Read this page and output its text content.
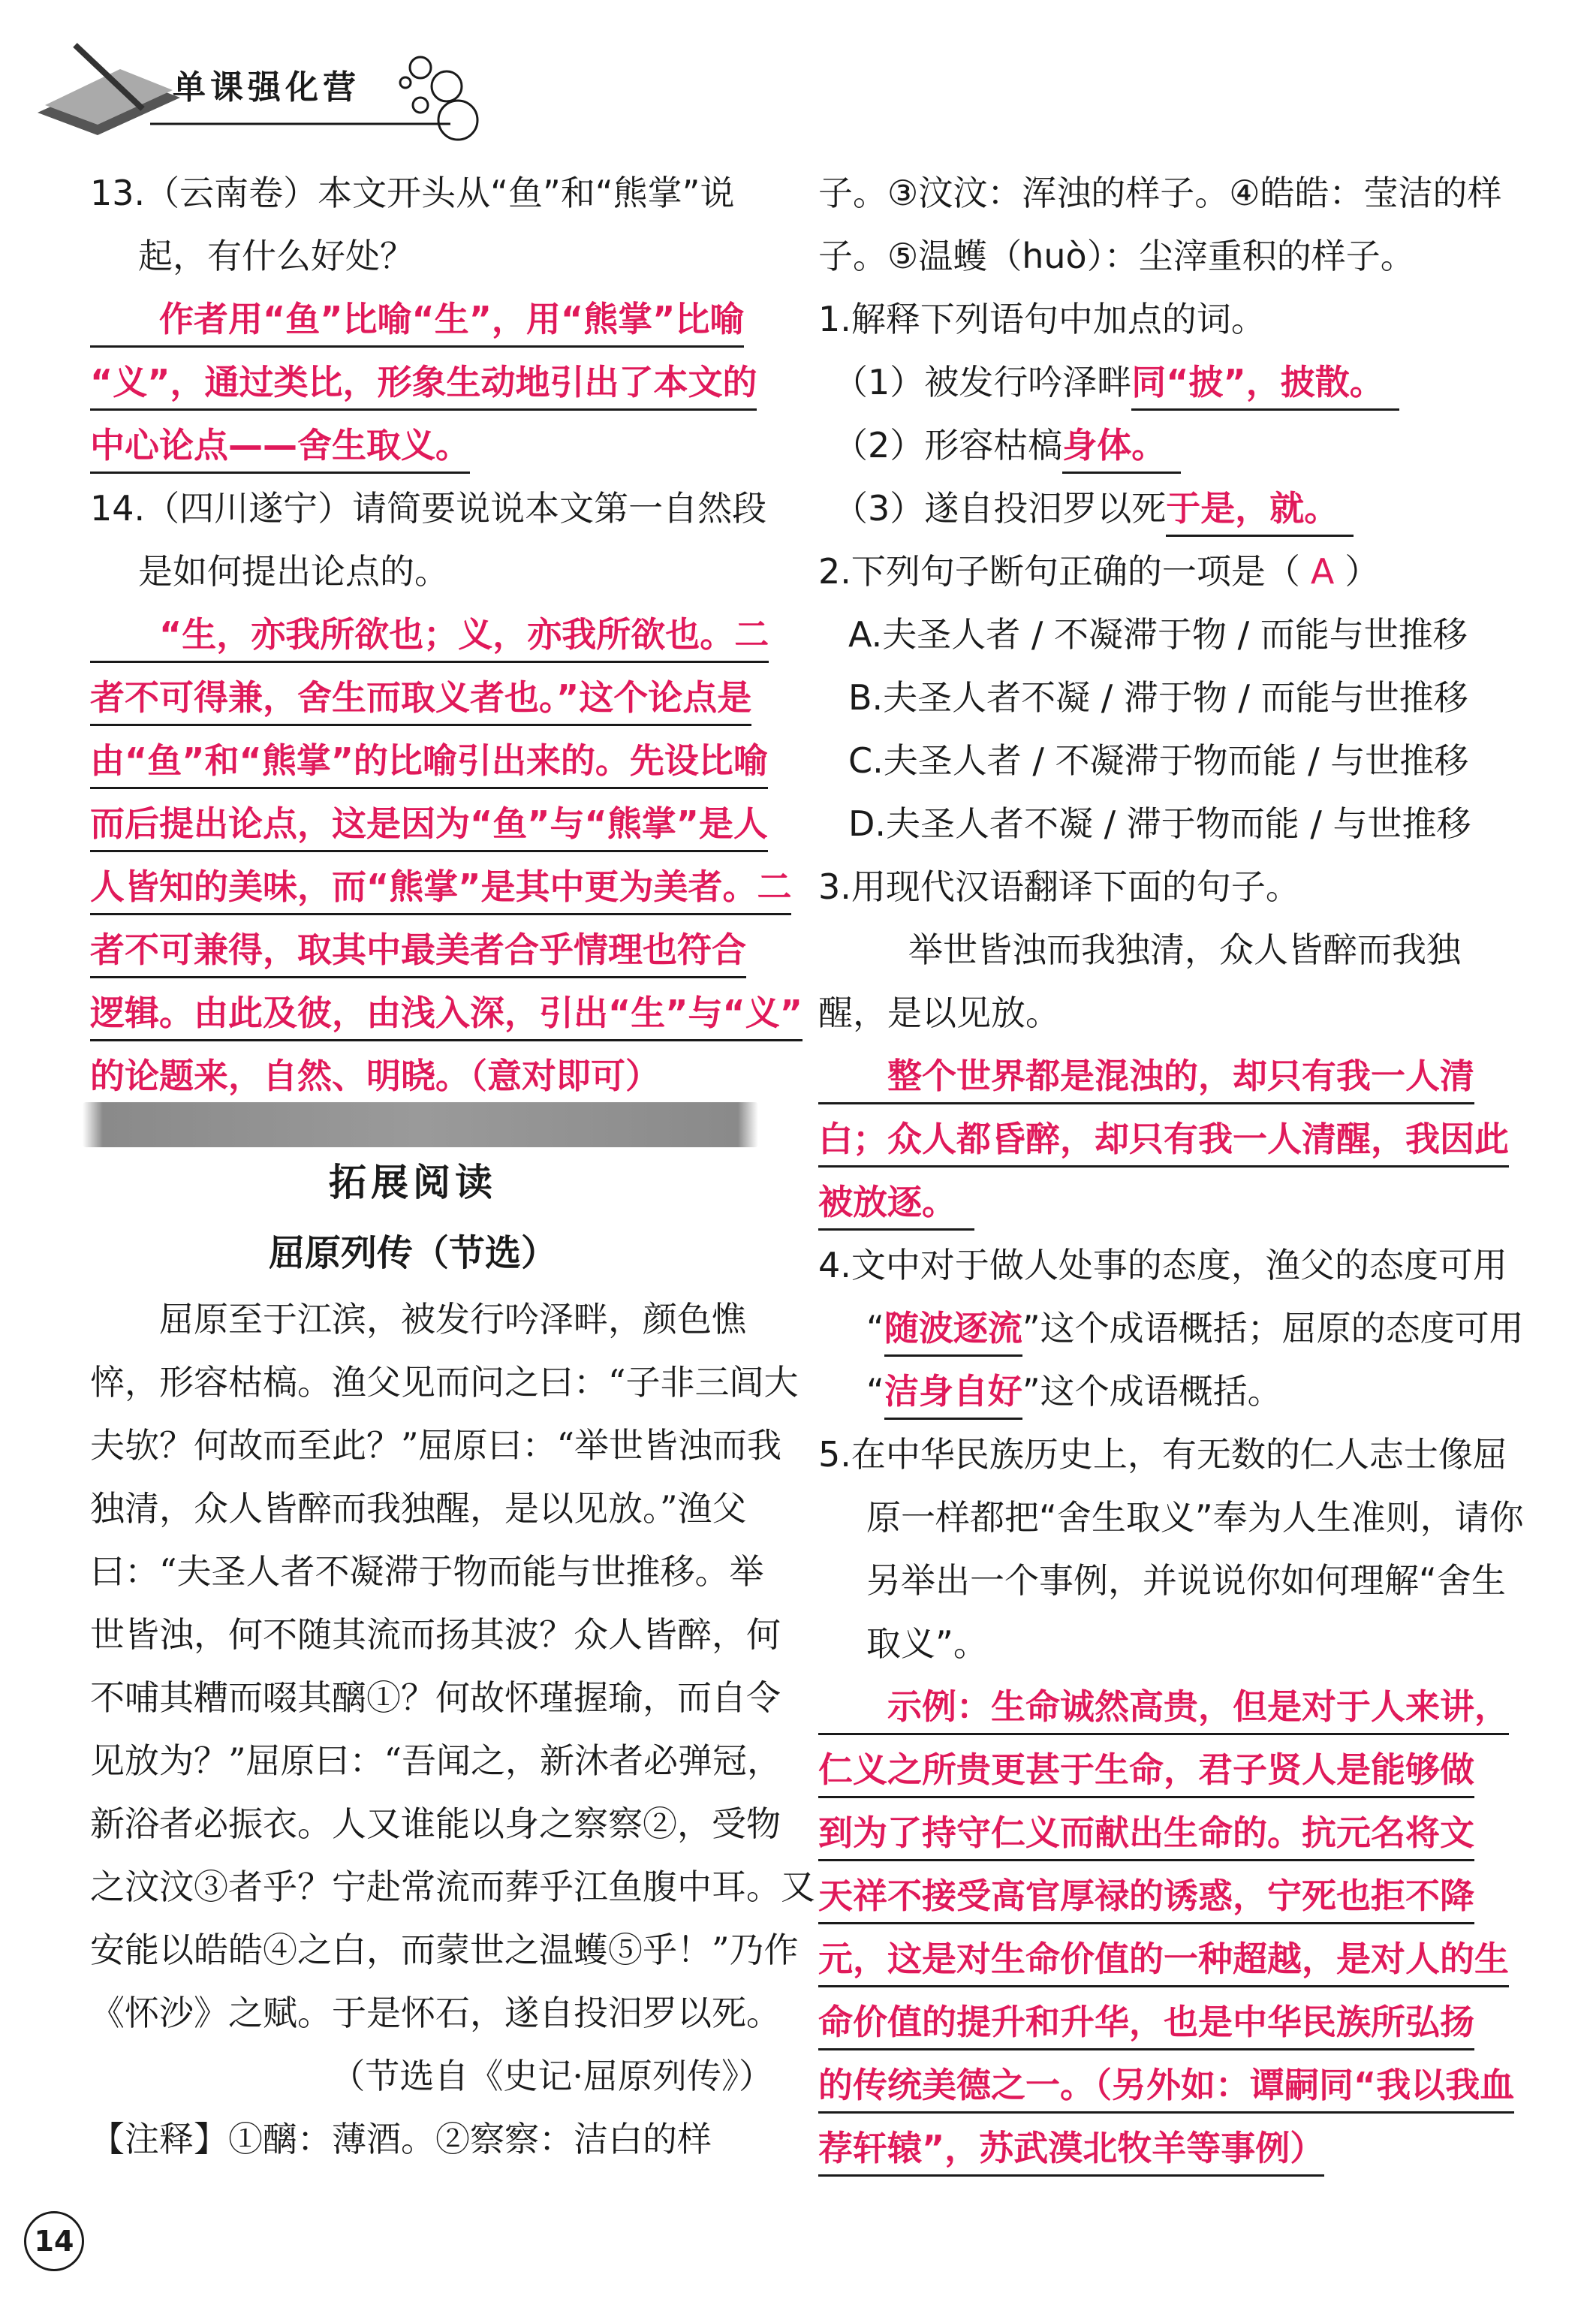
单课强化营
13.（云南卷）本文开头从“鱼”和“熊掌”说
起，有什么好处？
作者用“鱼”比喻“生”，用“熊掌”比喻
“义”，通过类比，形象生动地引出了本文的
中心论点——舍生取义。
14.（四川遂宁）请简要说说本文第一自然段
是如何提出论点的。
“生，亦我所欲也；义，亦我所欲也。二
者不可得兼，舍生而取义者也。”这个论点是
由“鱼”和“熊掌”的比喻引出来的。先设比喻
而后提出论点，这是因为“鱼”与“熊掌”是人
人皆知的美味，而“熊掌”是其中更为美者。二
者不可兼得，取其中最美者合乎情理也符合
逻辑。由此及彼，由浅入深，引出“生”与“义”
的论题来，自然、明晓。（意对即可）
拓展阅读
屈原列传（节选）
屈原至于江滨，被发行吟泽畔，颜色憔
悴，形容枯槁。渔父见而问之曰：“子非三闾大
夫欤？何故而至此？”屈原曰：“举世皆浊而我
独清，众人皆醉而我独醒，是以见放。”渔父
曰：“夫圣人者不凝滞于物而能与世推移。举
世皆浊，何不随其流而扬其波？众人皆醉，何
不哺其糟而啜其醨①？何故怀瑾握瑜，而自令
见放为？”屈原曰：“吾闻之，新沐者必弹冠，
新浴者必振衣。人又谁能以身之察察②，受物
之汶汶③者乎？宁赴常流而葬乎江鱼腹中耳。又
安能以皓皓④之白，而蒙世之温蠖⑤乎！”乃作
《怀沙》之赋。于是怀石，遂自投汨罗以死。
（节选自《史记·屈原列传》）
【注释】①醨：薄酒。②察察：洁白的样
子。③汶汶：浑浊的样子。④皓皓：莹洁的样
子。⑤温蠖（huò）：尘滓重积的样子。
1.解释下列语句中加点的词。
（1）被发行吟泽畔同“披”，披散。
（2）形容枯槁身体。
（3）遂自投汨罗以死于是，就。
2.下列句子断句正确的一项是（ A ）
A.夫圣人者 / 不凝滞于物 / 而能与世推移
B.夫圣人者不凝 / 滞于物 / 而能与世推移
C.夫圣人者 / 不凝滞于物而能 / 与世推移
D.夫圣人者不凝 / 滞于物而能 / 与世推移
3.用现代汉语翻译下面的句子。
举世皆浊而我独清，众人皆醉而我独
醒，是以见放。
整个世界都是混浊的，却只有我一人清
白；众人都昏醉，却只有我一人清醒，我因此
被放逐。
4.文中对于做人处事的态度，渔父的态度可用
“随波逐流”这个成语概括；屈原的态度可用
“洁身自好”这个成语概括。
5.在中华民族历史上，有无数的仁人志士像屈
原一样都把“舍生取义”奉为人生准则，请你
另举出一个事例，并说说你如何理解“舍生
取义”。
示例：生命诚然高贵，但是对于人来讲，
仁义之所贵更甚于生命，君子贤人是能够做
到为了持守仁义而献出生命的。抗元名将文
天祥不接受高官厚禄的诱惑，宁死也拒不降
元，这是对生命价值的一种超越，是对人的生
命价值的提升和升华，也是中华民族所弘扬
的传统美德之一。（另外如：谭嗣同“我以我血
荐轩辕”，苏武漠北牧羊等事例）
14
